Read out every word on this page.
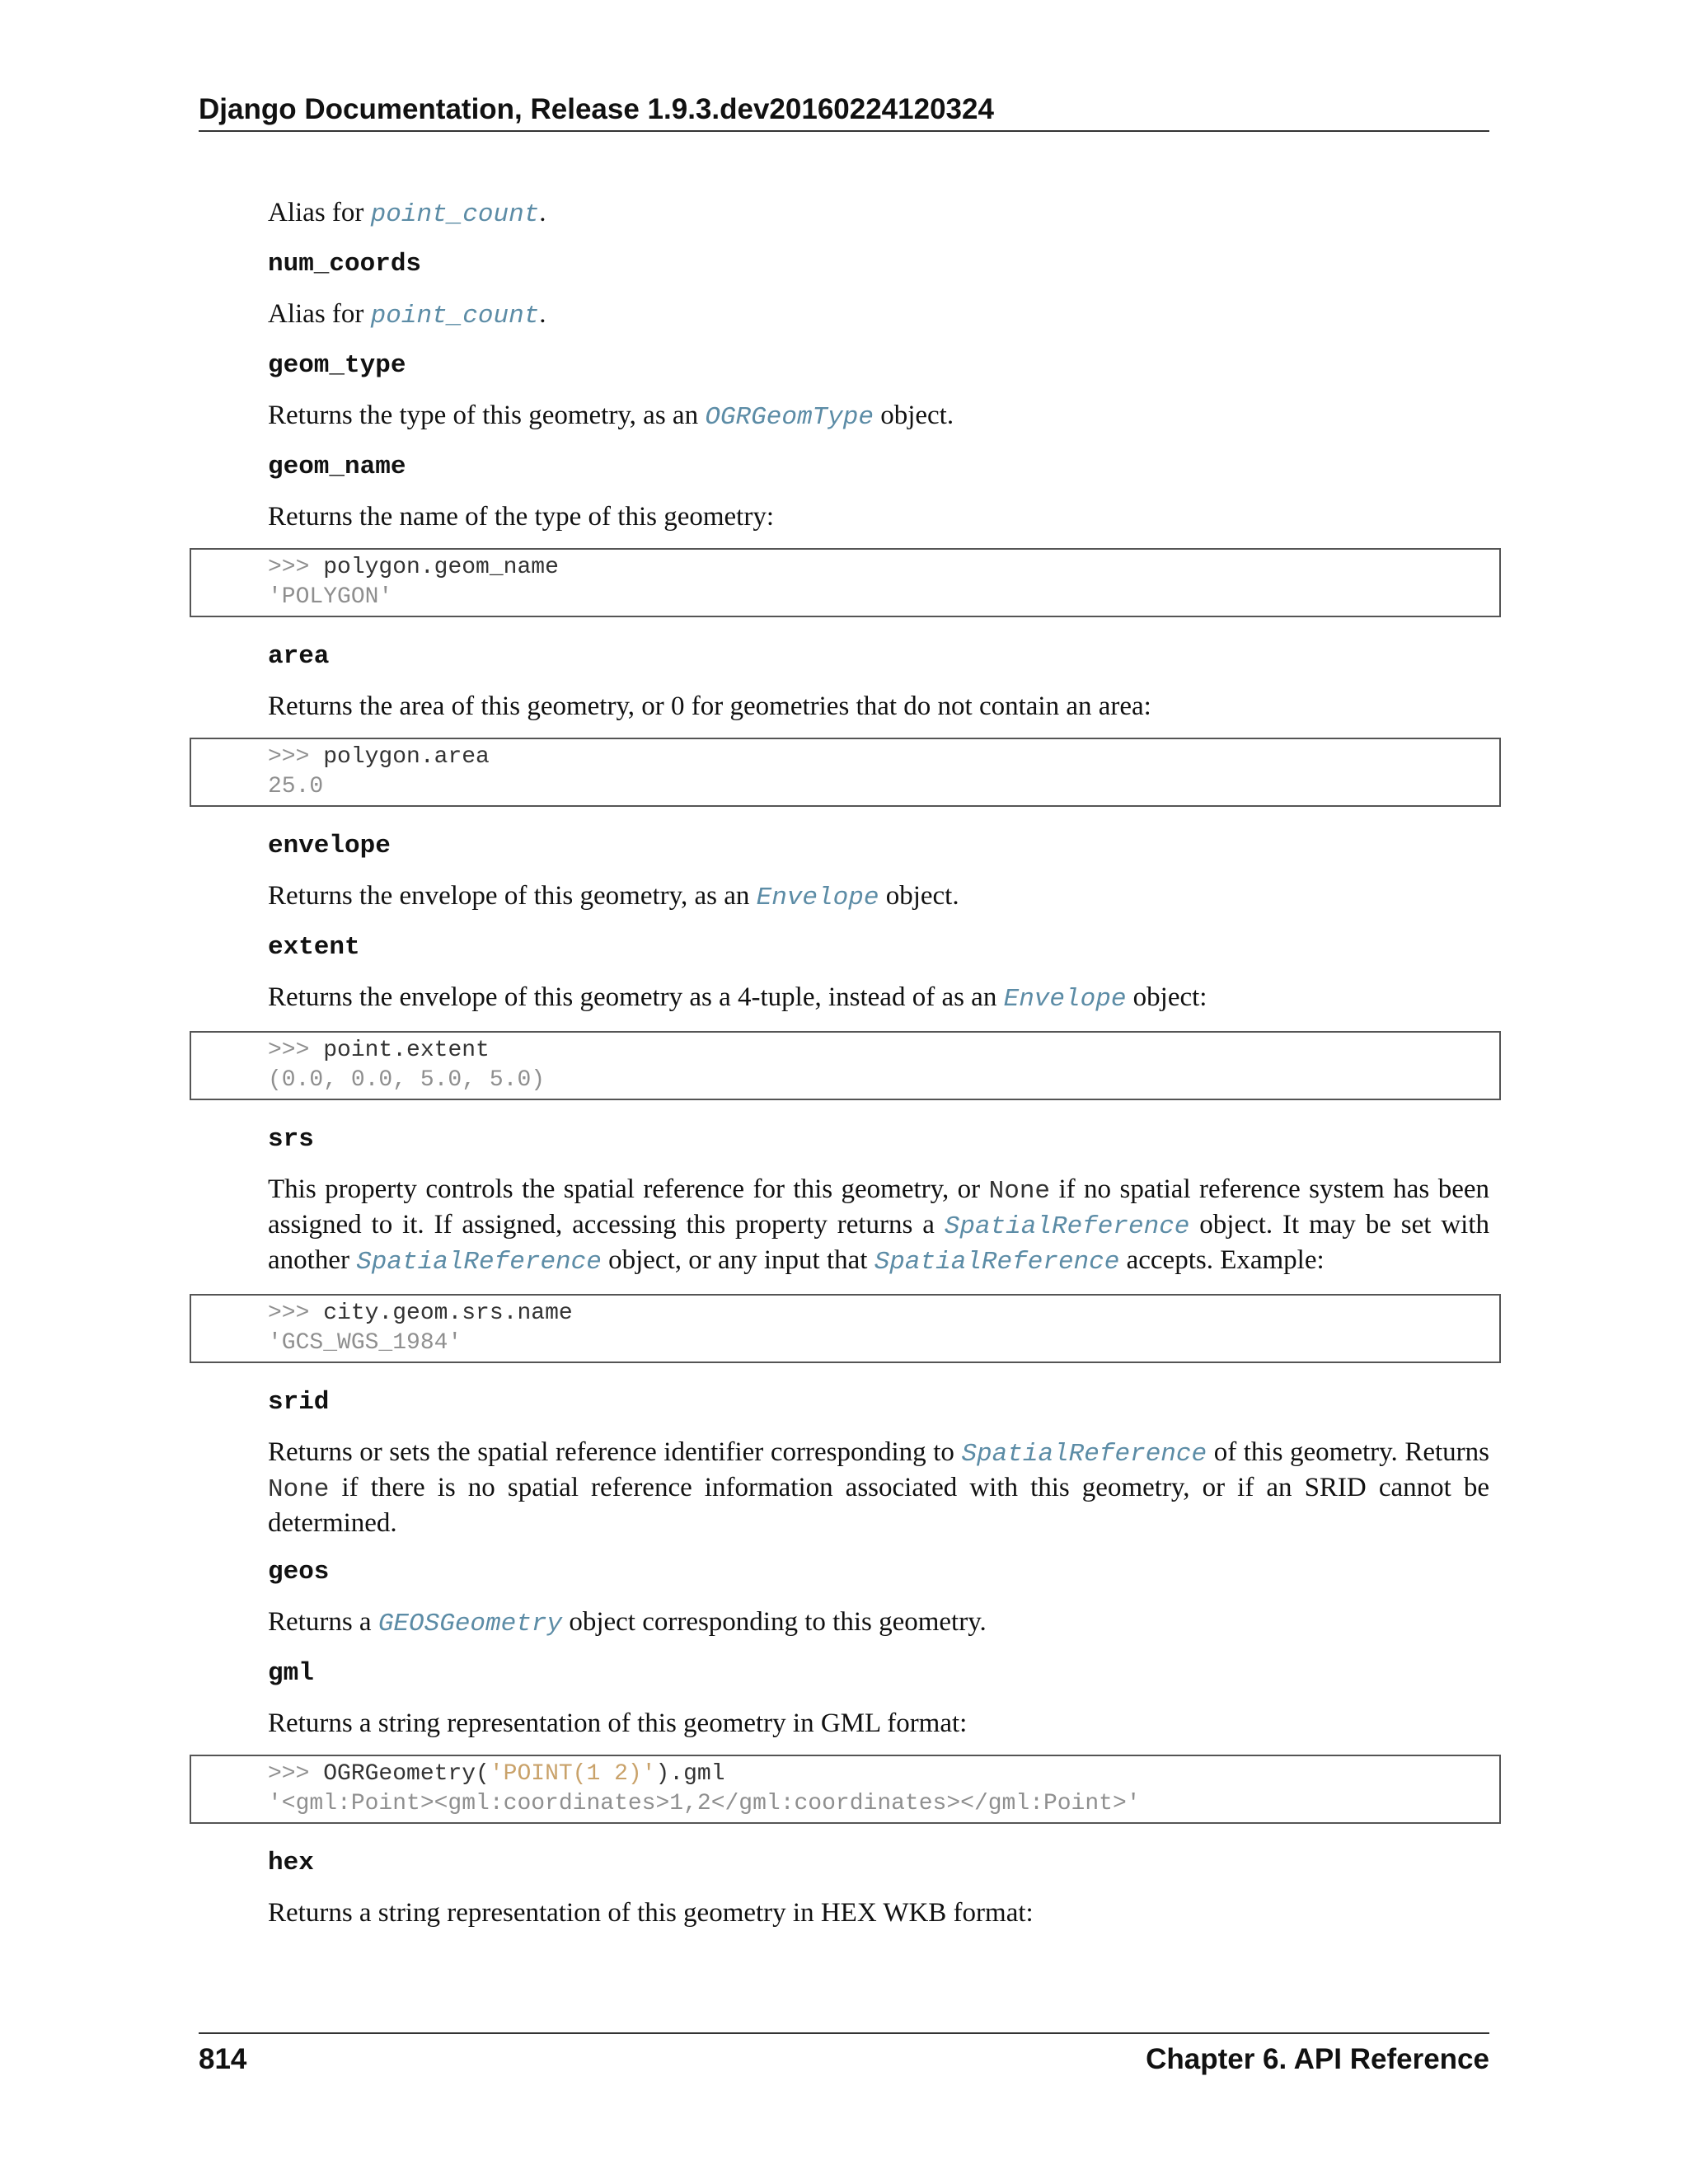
Django Documentation, Release 1.9.3.dev20160224120324

Alias for point_count.

num_coords

Alias for point_count.

geom_type

Returns the type of this geometry, as an OGRGeomType object.

geom_name

Returns the name of the type of this geometry:

>>> polygon.geom_name
'POLYGON'
area

Returns the area of this geometry, or 0 for geometries that do not contain an area:

>>> polygon.area
25.0
envelope

Returns the envelope of this geometry, as an Envelope object.

extent

Returns the envelope of this geometry as a 4-tuple, instead of as an Envelope object:

>>> point.extent
(0.0, 0.0, 5.0, 5.0)
srs

This property controls the spatial reference for this geometry, or None if no spatial reference system has been assigned to it. If assigned, accessing this property returns a SpatialReference object. It may be set with another SpatialReference object, or any input that SpatialReference accepts. Example:

>>> city.geom.srs.name
'GCS_WGS_1984'
srid

Returns or sets the spatial reference identifier corresponding to SpatialReference of this geometry. Returns None if there is no spatial reference information associated with this geometry, or if an SRID cannot be determined.

geos

Returns a GEOSGeometry object corresponding to this geometry.

gml

Returns a string representation of this geometry in GML format:

>>> OGRGeometry('POINT(1 2)').gml
'<gml:Point><gml:coordinates>1,2</gml:coordinates></gml:Point>'
hex

Returns a string representation of this geometry in HEX WKB format:

814	Chapter 6. API Reference
